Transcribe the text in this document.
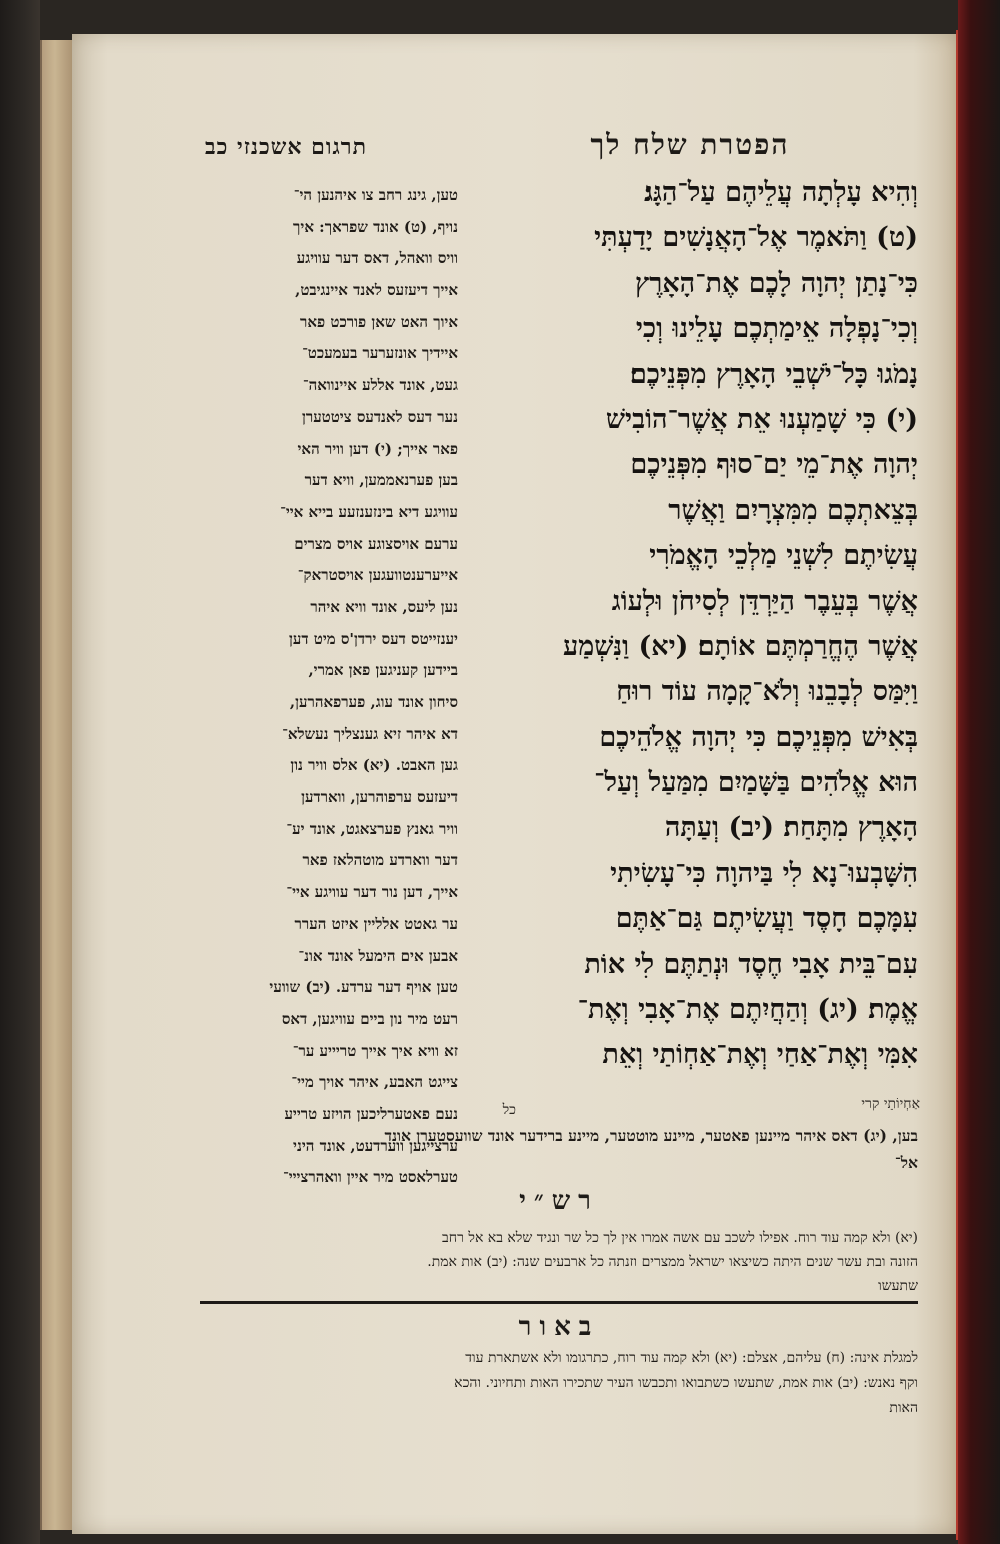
תרגום אשכנזי כב	הפטרת שלח לך
טען, גינג רחב צו איהנען הי־
נויף, (ט) אונד שפראך: איך
וויס וואהל, דאס דער עוויגע
אייך דיעזעס לאנד איינגיבט,
איוך האט שאן פורכט פאר
איידיך אונזערער בעמעכט־
געט, אונד אללע איינוואה־
נער דעס לאנדעס ציטטערן
פאר אייך; (י) דען וויר האי
בען פערנאממען, וויא דער
עוויגע דיא בינזענזעע בייא איי־
ערעם אויסצוגע אויס מצרים
אייערענטוועגען אויסטראק־
נען ליעס, אונד וויא איהר
יענזייטס דעס ירדן'ס מיט דען
ביידען קעניגען פאן אמרי,
סיחון אונד עוג, פערפאהרען,
דא איהר זיא גענצליך נעשלא־
גען האבט. (יא) אלס וויר נון
דיעזעס ערפוהרען, ווארדען
וויר גאנץ פערצאגט, אונד יע־
דער ווארדע מוטהלאז פאר
אייך, דען נור דער עוויגע איי־
ער גאטט אלליין איזט הערר
אבען אים הימעל אונד אונ־
טען אויף דער ערדע. (יב) שוועי
רעט מיר נון ביים עוויגען, דאס
זא וויא איך אייך טריייע ער־
צייגט האבע, איהר אויך מיי־
נעם פאטערליכען הויזע טרייע
ערצייגען ווערדעט, אונד היני
טערלאסט מיר איין וואהרצייי־
וְהִיא עָלְתָה עֲלֵיהֶם עַל־הַגָּג׃
(ט) וַתֹּאמֶר אֶל־הָאֲנָשִׁים יָדַעְתִּי
כִּי־נָתַן יְהוָה לָכֶם אֶת־הָאָרֶץ
וְכִי־נָפְלָה אֵימַתְכֶם עָלֵינוּ וְכִי
נָמֹגוּ כָּל־יֹשְׁבֵי הָאָרֶץ מִפְּנֵיכֶם׃
(י) כִּי שָׁמַעְנוּ אֵת אֲשֶׁר־הוֹבִישׁ
יְהוָה אֶת־מֵי יַם־סוּף מִפְּנֵיכֶם
בְּצֵאתְכֶם מִמִּצְרָיִם וַאֲשֶׁר
עֲשִׂיתֶם לִשְׁנֵי מַלְכֵי הָאֱמֹרִי
אֲשֶׁר בְּעֵבֶר הַיַּרְדֵּן לְסִיחֹן וּלְעוֹג
אֲשֶׁר הֶחֱרַמְתֶּם אוֹתָם׃ (יא) וַנִּשְׁמַע
וַיִּמַּס לְבָבֵנוּ וְלֹא־קָמָה עוֹד רוּחַ
בְּאִישׁ מִפְּנֵיכֶם כִּי יְהוָה אֱלֹהֵיכֶם
הוּא אֱלֹהִים בַּשָּׁמַיִם מִמַּעַל וְעַל־
הָאָרֶץ מִתָּחַת׃ (יב) וְעַתָּה
הִשָּׁבְעוּ־נָא לִי בַּיהוָה כִּי־עָשִׂיתִי
עִמָּכֶם חָסֶד וַעֲשִׂיתֶם גַּם־אַתֶּם
עִם־בֵּית אָבִי חֶסֶד וּנְתַתֶּם לִי אוֹת
אֱמֶת׃ (יג) וְהַחֲיִתֶם אֶת־אָבִי וְאֶת־
אִמִּי וְאֶת־אַחַי וְאֶת־אַחְוֹתַי וְאֵת
כל	אַחְיוֹתַי קרי
בען, (יג) דאס איהר מיינען פאטער, מיינע מוטטער, מיינע ברידער אונד שוועסטערן אונד
אל־
רש״י
(יא) ולא קמה עוד רוח. אפילו לשכב עם אשה אמרו אין לך כל שר ונגיד שלא בא אל רחב
הזונה ובת עשר שנים היתה כשיצאו ישראל ממצרים וזנתה כל ארבעים שנה: (יב) אות אמת.
שתעשו
באור
למגלת אינה: (ח) עליהם, אצלם: (יא) ולא קמה עוד רוח, כתרגומו ולא אשתארת עוד
וקף נאנש: (יב) אות אמת, שתעשו כשתבואו ותכבשו העיר שתכירו האות ותחיוני. והכא
האות
